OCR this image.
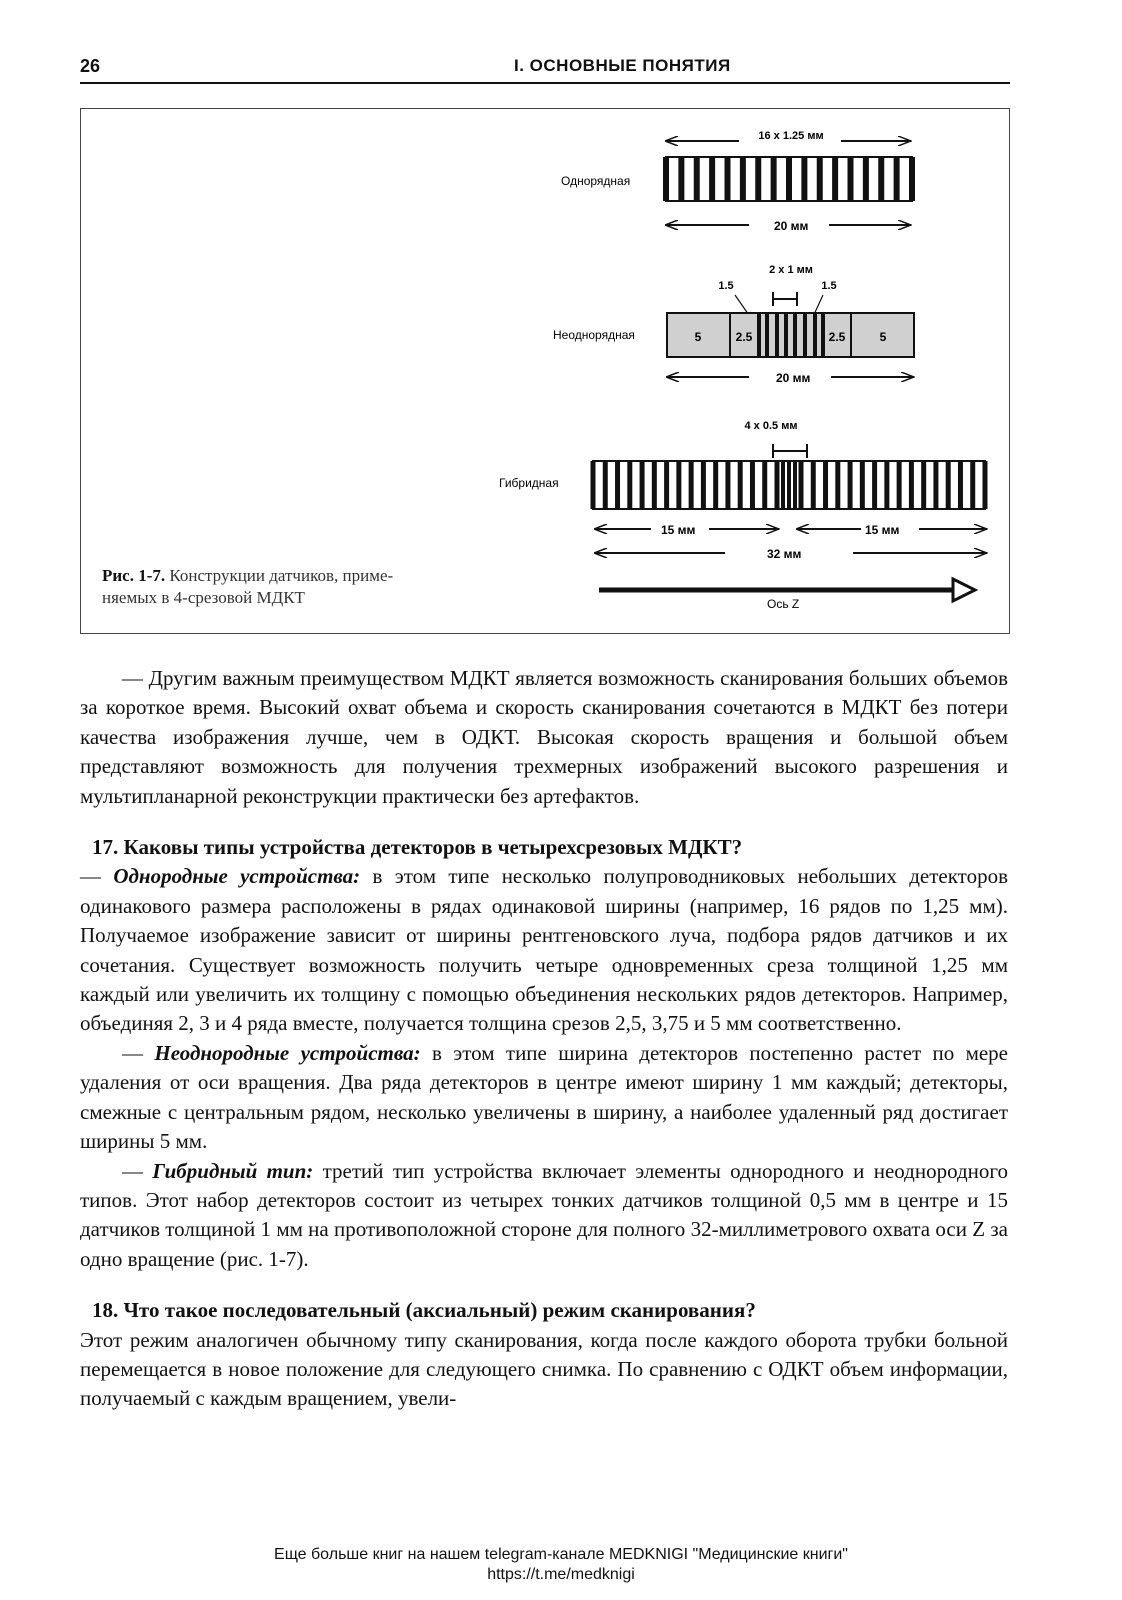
26	I. ОСНОВНЫЕ ПОНЯТИЯ
16 x 1.25 мм
Однорядная
20 мм
2 x 1 мм
1.5	1.5
Неоднорядная	5	2.5	2.5	5
20 мм
4 x 0.5 мм
Гибридная
15 мм	15 мм
32 мм
Ось Z
Рис. 1-7. Конструкции датчиков, приме-
няемых в 4-срезовой МДКТ

— Другим важным преимуществом МДКТ является возможность сканирования больших объемов за короткое время. Высокий охват объема и скорость сканирования сочетаются в МДКТ без потери качества изображения лучше, чем в ОДКТ. Высокая скорость вращения и большой объем представляют возможность для получения трехмерных изображений высокого разрешения и мультипланарной реконструкции практически без артефактов.

17. Каковы типы устройства детекторов в четырехсрезовых МДКТ?

— Однородные устройства: в этом типе несколько полупроводниковых небольших детекторов одинакового размера расположены в рядах одинаковой ширины (например, 16 рядов по 1,25 мм). Получаемое изображение зависит от ширины рентгеновского луча, подбора рядов датчиков и их сочетания. Существует возможность получить четыре одновременных среза толщиной 1,25 мм каждый или увеличить их толщину с помощью объединения нескольких рядов детекторов. Например, объединяя 2, 3 и 4 ряда вместе, получается толщина срезов 2,5, 3,75 и 5 мм соответственно.

— Неоднородные устройства: в этом типе ширина детекторов постепенно растет по мере удаления от оси вращения. Два ряда детекторов в центре имеют ширину 1 мм каждый; детекторы, смежные с центральным рядом, несколько увеличены в ширину, а наиболее удаленный ряд достигает ширины 5 мм.

— Гибридный тип: третий тип устройства включает элементы однородного и неоднородного типов. Этот набор детекторов состоит из четырех тонких датчиков толщиной 0,5 мм в центре и 15 датчиков толщиной 1 мм на противоположной стороне для полного 32-миллиметрового охвата оси Z за одно вращение (рис. 1-7).

18. Что такое последовательный (аксиальный) режим сканирования?

Этот режим аналогичен обычному типу сканирования, когда после каждого оборота трубки больной перемещается в новое положение для следующего снимка. По сравнению с ОДКТ объем информации, получаемый с каждым вращением, увели-

Еще больше книг на нашем telegram-канале MEDKNIGI "Медицинские книги"
https://t.me/medknigi
